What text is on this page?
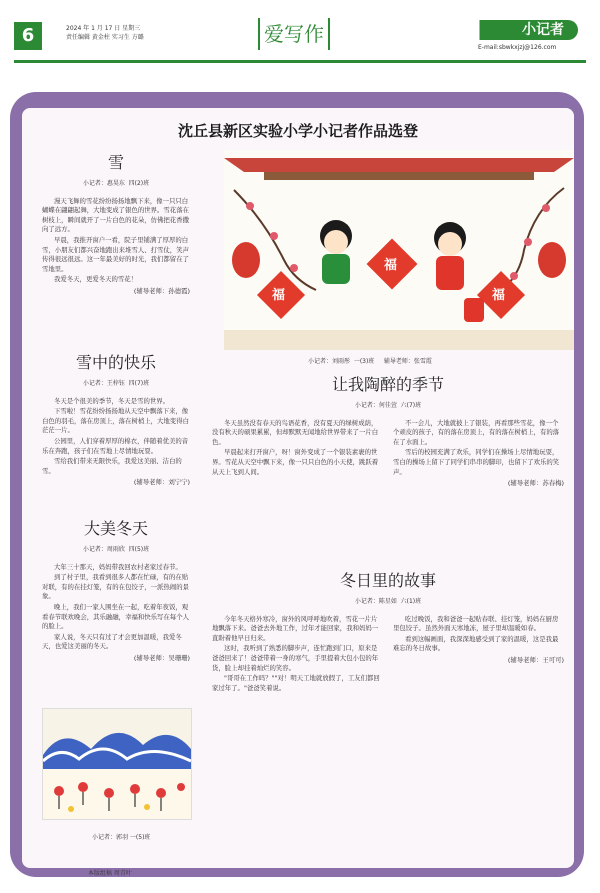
6	2024 年 1 月 17 日 星期三
责任编辑 黄金柱 实习生 方璐	爱写作	小记者
E-mail:sbwkxjzj@126.com
沈丘县新区实验小学小记者作品选登
雪
小记者：惠昊东  四(2)班

漫天飞舞的雪花纷纷扬扬地飘下来，像一只只白蝴蝶在翩翩起舞，大地变成了银色的世界。雪花落在树枝上，瞬间就开了一片白色的花朵，仿佛把花香撒向了远方。

早晨，我推开窗户一看，院子里铺满了厚厚的白雪，小朋友们都兴奋地跑出来堆雪人、打雪仗，笑声传得很远很远。这一年最美好的时光，我们都留在了雪地里。

我爱冬天，更爱冬天的雪花！

(辅导老师：孙德霞)
雪中的快乐
小记者：王梓钰  四(7)班

冬天是个很美的季节，冬天是雪的世界。

下雪啦！雪花纷纷扬扬地从天空中飘落下来，像白色的羽毛，落在房顶上，落在树梢上，大地变得白茫茫一片。

公园里，人们穿着厚厚的棉衣，伴随着优美的音乐在奔跑，孩子们在雪地上尽情地玩耍。

雪给我们带来无限快乐，我爱这美丽、洁白的雪。

(辅导老师：刘宁宁)
大美冬天
小记者：周雨欣  四(5)班

大年三十那天，妈妈带我回农村老家过春节。

到了村子里，我看到很多人都在忙碌，有的在贴对联，有的在挂灯笼，有的在包饺子，一派热闹的景象。

晚上，我们一家人围坐在一起，吃着年夜饭，观看春节联欢晚会，其乐融融，幸福和快乐写在每个人的脸上。

家人说，冬天只有过了才会更加温暖，我爱冬天，也爱这美丽的冬天。

(辅导老师：吴珊珊)
小记者：郭羽 一(5)班
本版组稿 周青叶
福
福
福
小记者：刘雨彤  一(3)班     辅导老师：张雪霞
让我陶醉的季节
小记者：何佳萱  六(7)班

冬天虽然没有春天的鸟语花香，没有夏天的绿树成荫，没有秋天的硕果累累，但却默默无闻地给世界带来了一片白色。

早晨起来打开窗户，呀！窗外变成了一个银装素裹的世界。雪花从天空中飘下来，像一只只白色的小天使，跳跃着从天上飞到人间。

不一会儿，大地就披上了银装，再看那些雪花，像一个个顽皮的孩子，有的落在房顶上，有的落在树梢上，有的落在了水面上。

雪后的校园充满了欢乐，同学们在操场上尽情地玩耍，雪白的操场上留下了同学们串串的脚印，也留下了欢乐的笑声。

(辅导老师：苏春梅)
冬日里的故事
小记者：陈星如  六(1)班

今年冬天格外寒冷，窗外的风呼呼地吹着，雪花一片片地飘落下来。爸爸去外地工作，过年才能回家，我和妈妈一直盼着他早日归来。

这时，我听到了熟悉的脚步声，连忙跑到门口，原来是爸爸回来了！爸爸带着一身的寒气，手里提着大包小包的年货，脸上却挂着灿烂的笑容。

"哥哥在工作吗？""对！明天工地就放假了，工友们都回家过年了。"爸爸笑着说。

吃过晚饭，我和爸爸一起贴春联、挂灯笼，妈妈在厨房里包饺子。虽然外面天寒地冻，屋子里却温暖如春。

看到这幅画面，我深深地感受到了家的温暖，这是我最难忘的冬日故事。

(辅导老师：王可可)
